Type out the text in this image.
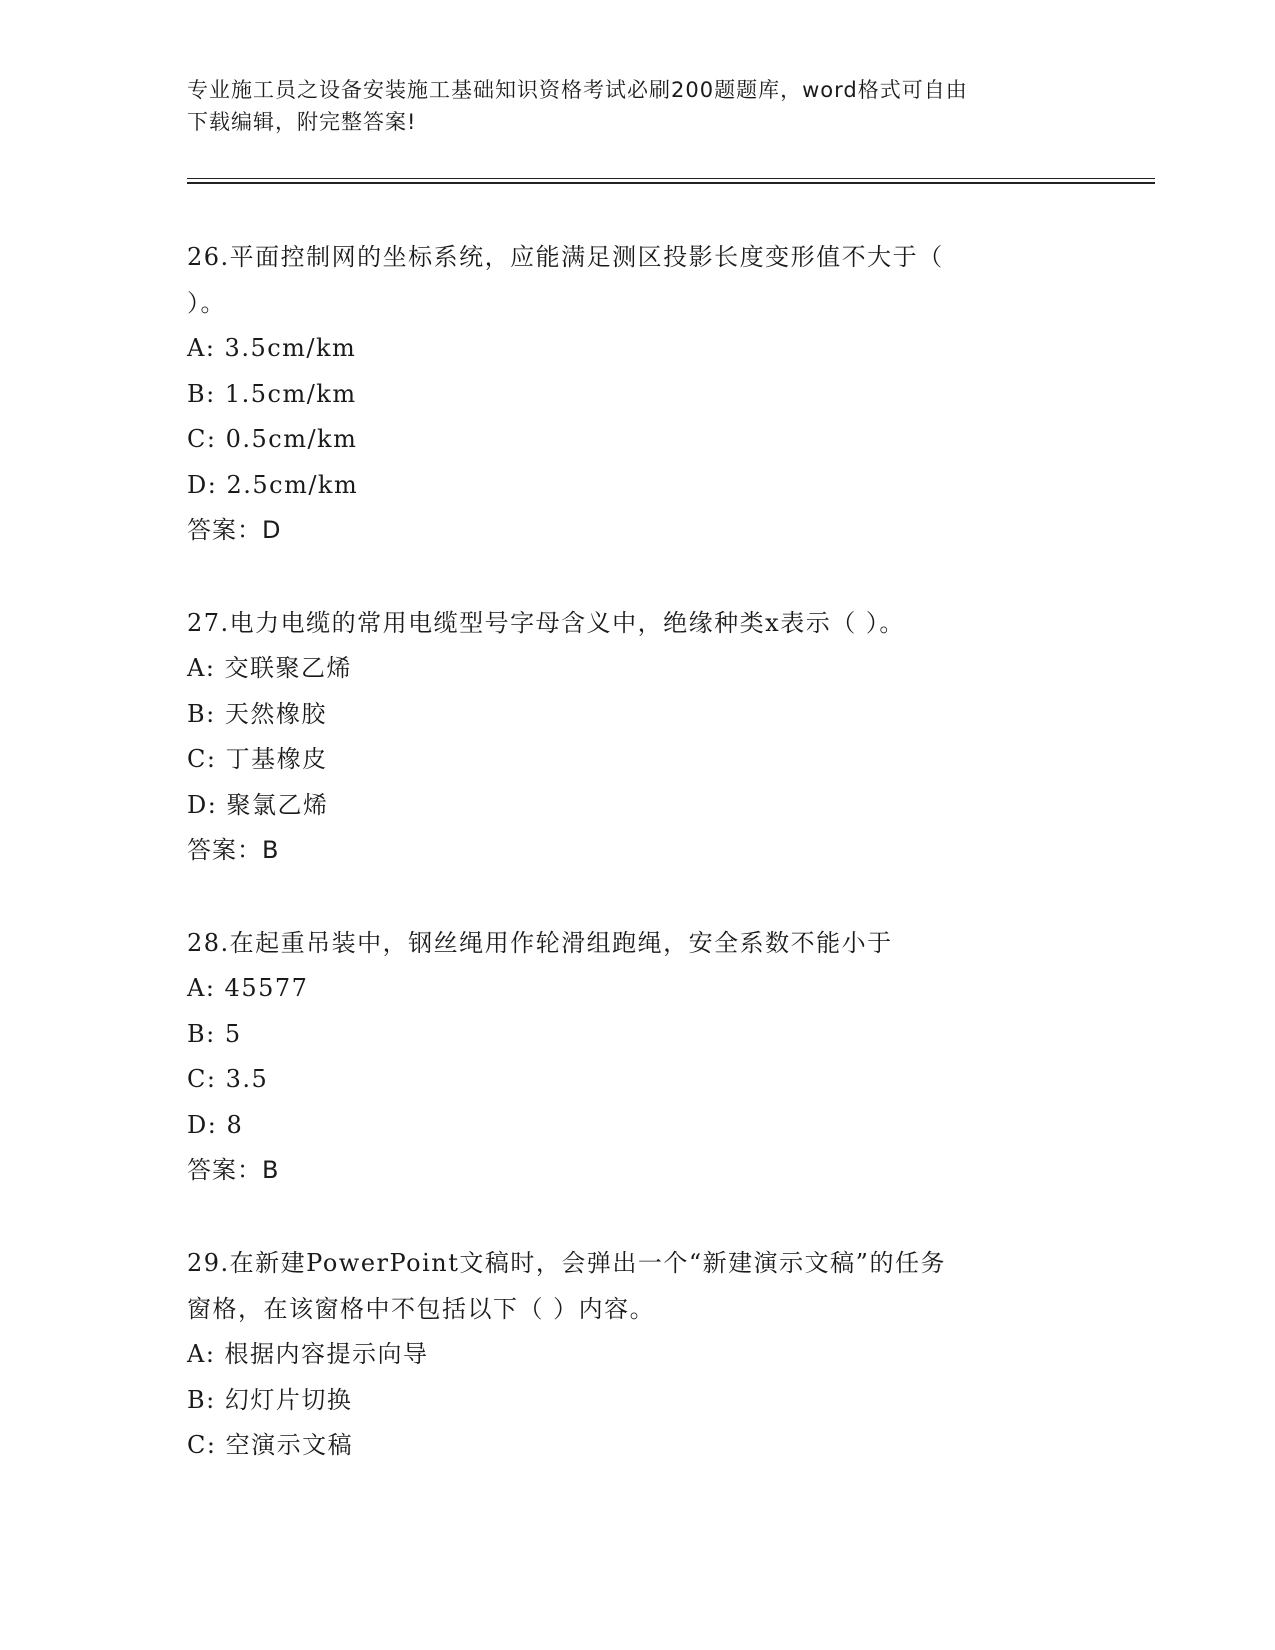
专业施工员之设备安装施工基础知识资格考试必刷200题题库，word格式可自由
下载编辑，附完整答案!
26.平面控制网的坐标系统，应能满足测区投影长度变形值不大于（
）。
A: 3.5cm/km
B: 1.5cm/km
C: 0.5cm/km
D: 2.5cm/km
答案：D
27.电力电缆的常用电缆型号字母含义中，绝缘种类x表示（ ）。
A: 交联聚乙烯
B: 天然橡胶
C: 丁基橡皮
D: 聚氯乙烯
答案：B
28.在起重吊装中，钢丝绳用作轮滑组跑绳，安全系数不能小于
A: 45577
B: 5
C: 3.5
D: 8
答案：B
29.在新建PowerPoint文稿时，会弹出一个“新建演示文稿”的任务
窗格，在该窗格中不包括以下（ ）内容。
A: 根据内容提示向导
B: 幻灯片切换
C: 空演示文稿
